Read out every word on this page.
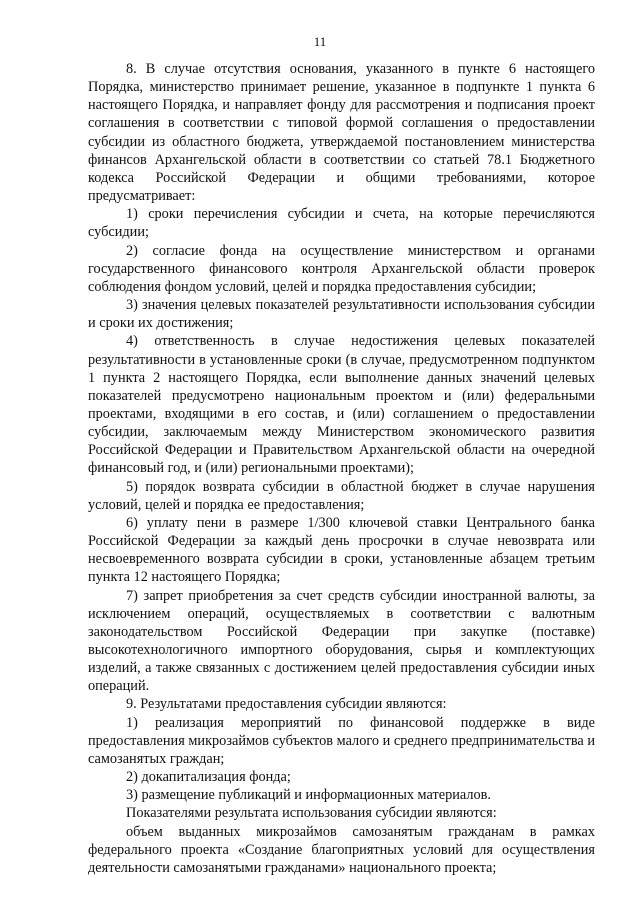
11

8. В случае отсутствия основания, указанного в пункте 6 настоящего Порядка, министерство принимает решение, указанное в подпункте 1 пункта 6 настоящего Порядка, и направляет фонду для рассмотрения и подписания проект соглашения в соответствии с типовой формой соглашения о предоставлении субсидии из областного бюджета, утверждаемой постановлением министерства финансов Архангельской области в соответствии со статьей 78.1 Бюджетного кодекса Российской Федерации и общими требованиями, которое предусматривает:

1) сроки перечисления субсидии и счета, на которые перечисляются субсидии;

2) согласие фонда на осуществление министерством и органами государственного финансового контроля Архангельской области проверок соблюдения фондом условий, целей и порядка предоставления субсидии;

3) значения целевых показателей результативности использования субсидии и сроки их достижения;

4) ответственность в случае недостижения целевых показателей результативности в установленные сроки (в случае, предусмотренном подпунктом 1 пункта 2 настоящего Порядка, если выполнение данных значений целевых показателей предусмотрено национальным проектом и (или) федеральными проектами, входящими в его состав, и (или) соглашением о предоставлении субсидии, заключаемым между Министерством экономического развития Российской Федерации и Правительством Архангельской области на очередной финансовый год, и (или) региональными проектами);

5) порядок возврата субсидии в областной бюджет в случае нарушения условий, целей и порядка ее предоставления;

6) уплату пени в размере 1/300 ключевой ставки Центрального банка Российской Федерации за каждый день просрочки в случае невозврата или несвоевременного возврата субсидии в сроки, установленные абзацем третьим пункта 12 настоящего Порядка;

7) запрет приобретения за счет средств субсидии иностранной валюты, за исключением операций, осуществляемых в соответствии с валютным законодательством Российской Федерации при закупке (поставке) высокотехнологичного импортного оборудования, сырья и комплектующих изделий, а также связанных с достижением целей предоставления субсидии иных операций.

9. Результатами предоставления субсидии являются:

1) реализация мероприятий по финансовой поддержке в виде предоставления микрозаймов субъектов малого и среднего предпринимательства и самозанятых граждан;

2) докапитализация фонда;

3) размещение публикаций и информационных материалов.

Показателями результата использования субсидии являются:

объем выданных микрозаймов самозанятым гражданам в рамках федерального проекта «Создание благоприятных условий для осуществления деятельности самозанятыми гражданами» национального проекта;
